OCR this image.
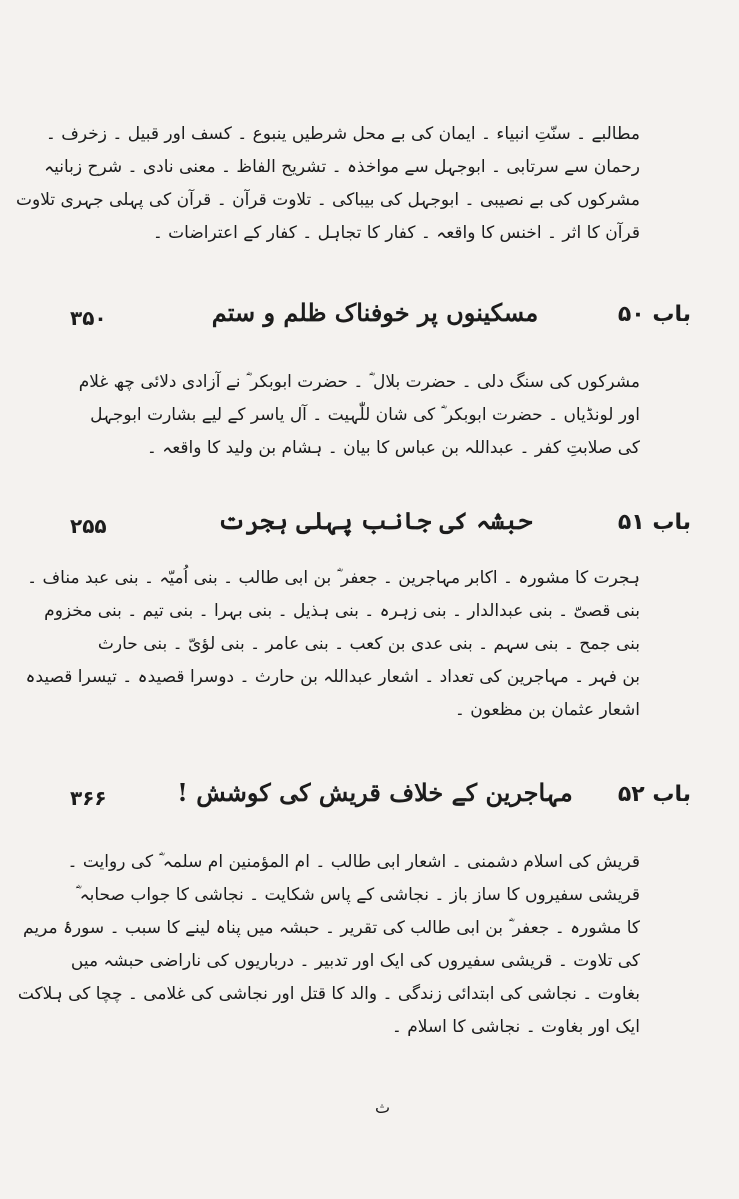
مطالبے ۔ سنّتِ انبیاء ۔ ایمان کی بے محل شرطیں ینبوع ۔ کسف اور قبیل ۔ زخرف ۔
رحمان سے سرتابی ۔ ابوجہل سے مواخذہ ۔ تشریح الفاظ ۔ معنی نادی ۔ شرح زبانیہ
مشرکوں کی بے نصیبی ۔ ابوجہل کی بیباکی ۔ تلاوت قرآن ۔ قرآن کی پہلی جہری تلاوت
قرآن کا اثر ۔ اخنس کا واقعہ ۔ کفار کا تجاہل ۔ کفار کے اعتراضات ۔
باب ۵۰
مسکینوں پر خوفناک ظلم و ستم
۳۵۰
مشرکوں کی سنگ دلی ۔ حضرت بلال ؓ ۔ حضرت ابوبکر ؓ نے آزادی دلائی چھ غلام
اور لونڈیاں ۔ حضرت ابوبکر ؓ کی شان للّٰہیت ۔ آل یاسر کے لیے بشارت ابوجہل
کی صلابتِ کفر ۔ عبداللہ بن عباس کا بیان ۔ ہشام بن ولید کا واقعہ ۔
باب ۵۱
حبشہ کی جانب پہلی ہجرت
۲۵۵
ہجرت کا مشورہ ۔ اکابر مہاجرین ۔ جعفر ؓ بن ابی طالب ۔ بنی اُمیّہ ۔ بنی عبد مناف ۔
بنی قصیّ ۔ بنی عبدالدار ۔ بنی زہرہ ۔ بنی ہذیل ۔ بنی بہرا ۔ بنی تیم ۔ بنی مخزوم
بنی جمح ۔ بنی سہم ۔ بنی عدی بن کعب ۔ بنی عامر ۔ بنی لؤیّ ۔ بنی حارث
بن فہر ۔ مہاجرین کی تعداد ۔ اشعار عبداللہ بن حارث ۔ دوسرا قصیدہ ۔ تیسرا قصیدہ
اشعار عثمان بن مظعون ۔
باب ۵۲
مہاجرین کے خلاف قریش کی کوشش !
۳۶۶
قریش کی اسلام دشمنی ۔ اشعار ابی طالب ۔ ام المؤمنین ام سلمہ ؓ کی روایت ۔
قریشی سفیروں کا ساز باز ۔ نجاشی کے پاس شکایت ۔ نجاشی کا جواب صحابہ ؓ
کا مشورہ ۔ جعفر ؓ بن ابی طالب کی تقریر ۔ حبشہ میں پناہ لینے کا سبب ۔ سورۂ مریم
کی تلاوت ۔ قریشی سفیروں کی ایک اور تدبیر ۔ درباریوں کی ناراضی حبشہ میں
بغاوت ۔ نجاشی کی ابتدائی زندگی ۔ والد کا قتل اور نجاشی کی غلامی ۔ چچا کی ہلاکت
ایک اور بغاوت ۔ نجاشی کا اسلام ۔
ث
